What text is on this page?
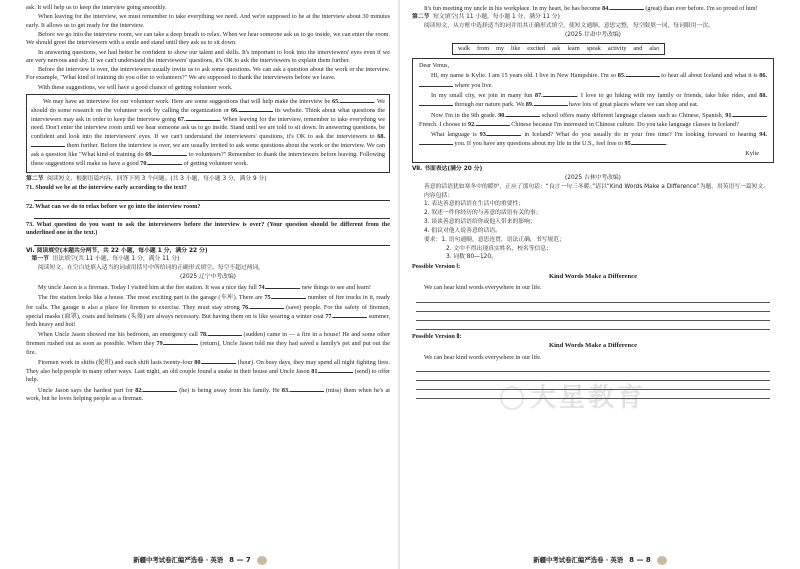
ask. It will help us to keep the interview going smoothly.

When leaving for the interview, we must remember to take everything we need. And we're supposed to be at the interview about 30 minutes early. It allows us to get ready for the interview.

Before we go into the interview room, we can take a deep breath to relax. When we hear someone ask us to go inside, we can enter the room. We should greet the interviewers with a smile and stand until they ask us to sit down.

In answering questions, we had better be confident to show our talent and skills. It's important to look into the interviewers' eyes even if we are very nervous and shy. If we can't understand the interviewers' questions, it's OK to ask the interviewers to explain them further.

Before the interview is over, the interviewers usually invite us to ask some questions. We can ask a question about the work or the interview. For example, "What kind of training do you offer to volunteers?" We are supposed to thank the interviewers before we leave.

With these suggestions, we will have a good chance of getting volunteer work.

We may have an interview for our volunteer work. Here are some suggestions that will help make the interview be 65.	. We should do some research on the volunteer work by calling the organization or 66.	its website. Think about what questions the interviewers may ask in order to keep the interview going 67.	. When leaving for the interview, remember to take everything we need. Don't enter the interview room until we hear someone ask us to go inside. Stand until we are told to sit down. In answering questions, be confident and look into the interviewers' eyes. If we can't understand the interviewers' questions, it's OK to ask the interviewers to 68. them further. Before the interview is over, we are usually invited to ask some questions about the work or the interview. We can ask a question like "What kind of training do 69.	to volunteers?" Remember to thank the interviewers before leaving. Following these suggestions will make us have a good 70.	of getting volunteer work.

第二节 阅读短文，根据语篇内容，回答下列 3 个问题。(共 3 小题，每小题 3 分，满分 9 分)

71. Should we be at the interview early according to the text?

72. What can we do to relax before we go into the interview room?

73. What question do you want to ask the interviewers before the interview is over? (Your question should be different from the underlined one in the text.)

Ⅵ. 阅读填空(本题共分两节，共 22 小题，每小题 1 分，满分 22 分)

第一节 语法填空(共 11 小题，每小题 1 分，满分 11 分)

阅读短文，在空白处填入适当的词或用括号中所给词的正确形式填空。每空不超过两词。

(2025 辽宁中考改编)

My uncle Jason is a fireman. Today I visited him at the fire station. It was a nice day full 74.	new things to see and learn!

The fire station looks like a house. The most exciting part is the garage (车库). There are 75.	number of fire trucks in it, ready for calls. The garage is also a place for firemen to exercise. They must stay strong 76.	(save) people. For the safety of firemen, special masks (面罩), coats and helmets (头盔) are always necessary. But having them on is like wearing a winter coat 77.	summer, both heavy and hot!

When Uncle Jason showed me his bedroom, an emergency call 78.	(sudden) came in — a fire in a house! He and some other firemen rushed out as soon as possible. When they 79.	(return), Uncle Jason told me they had saved a family's pet and put out the fire.

Firemen work in shifts (轮班) and each shift lasts twenty-four 80.	(hour). On busy days, they may spend all night fighting fires. They also help people in many other ways. Last night, an old couple found a snake in their house and Uncle Jason 81.	(send) to offer help.

Uncle Jason says the hardest part for 82.	(he) is being away from his family. He 83.	(miss) them when he's at work, but he loves helping people as a fireman.

新疆中考试卷汇编严选卷 · 英语 8 — 7

It's fun meeting my uncle in his workplace. In my heart, he has become 84.	(great) than ever before. I'm so proud of him!

第二节 短文填空(共 11 小题，每小题 1 分，满分 11 分)

阅读短文，从方框中选择适当的词并用其正确形式填空，使短文通顺、意思完整，每空限填一词，每词限用一次。

(2025 甘肃中考改编)

walk from my like excited ask learn speak activity and also

Dear Venus,

Hi, my name is Kylie. I am 15 years old. I live in New Hampshire. I'm so 85.	to hear all about Iceland and what it is 86. where you live.

In my small city, we join in many fun 87.	. I love to go hiking with my family or friends, take bike rides, and 88. through our nature park. We 89.	have lots of great places where we can shop and eat.

Now I'm in the 9th grade. 90.	school offers many different language classes such as Chinese, Spanish, 91. French. I choose to 92.	Chinese because I'm interested in Chinese culture. Do you take language classes in Iceland?

What language is 93.	in Iceland? What do you usually do in your free time? I'm looking forward to hearing 94. you. If you have any questions about my life in the U.S., feel free to 95.	.

Kylie

Ⅶ. 书面表达(满分 20 分)

(2025 吉林中考改编)

善意的话语犹如寒冬中的暖炉，正应了那句话：“良言一句三冬暖。”请以“Kind Words Make a Difference”为题，用英语写一篇短文。

内容包括：

1. 表达善意的话语在生活中的重要性；

2. 叙述一件你经历的与善意的话语有关的事；

3. 谈谈善意的话语给你或他人带来的影响；

4. 倡议对他人说善意的话语。

要求：1. 语句通顺，意思连贯，语法正确，书写规范；

2. 文中不得出现真实姓名、校名等信息；

3. 词数 80—120。

Possible Version Ⅰ:

Kind Words Make a Difference

We can hear kind words everywhere in our life.

Possible Version Ⅱ:

Kind Words Make a Difference

We can hear kind words everywhere in our life.

新疆中考试卷汇编严选卷 · 英语 8 — 8
大星教育
